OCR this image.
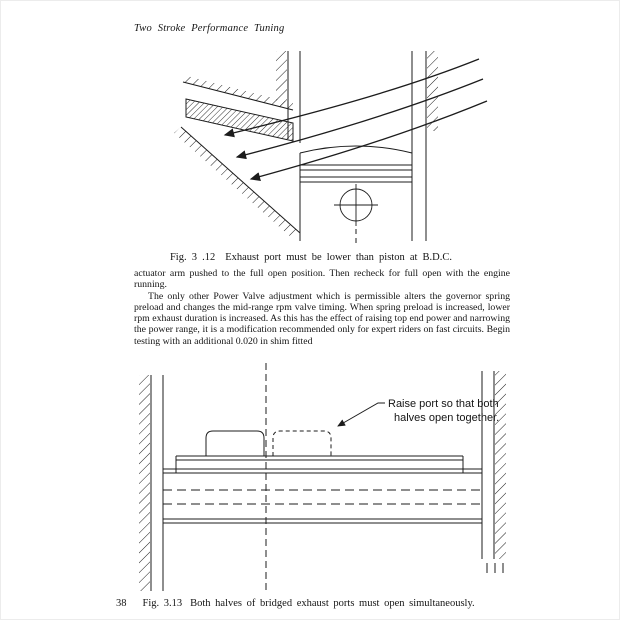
Two Stroke Performance Tuning
Fig. 3 .12 Exhaust port must be lower than piston at B.D.C.

actuator arm pushed to the full open position. Then recheck for full open with the engine running.

The only other Power Valve adjustment which is permissible alters the governor spring preload and changes the mid-range rpm valve timing. When spring preload is increased, lower rpm exhaust duration is increased. As this has the effect of raising top end power and narrowing the power range, it is a modification recommended only for expert riders on fast circuits. Begin testing with an additional 0.020 in shim fitted

Raise port so that both
halves open together.
38 Fig. 3.13 Both halves of bridged exhaust ports must open simultaneously.
